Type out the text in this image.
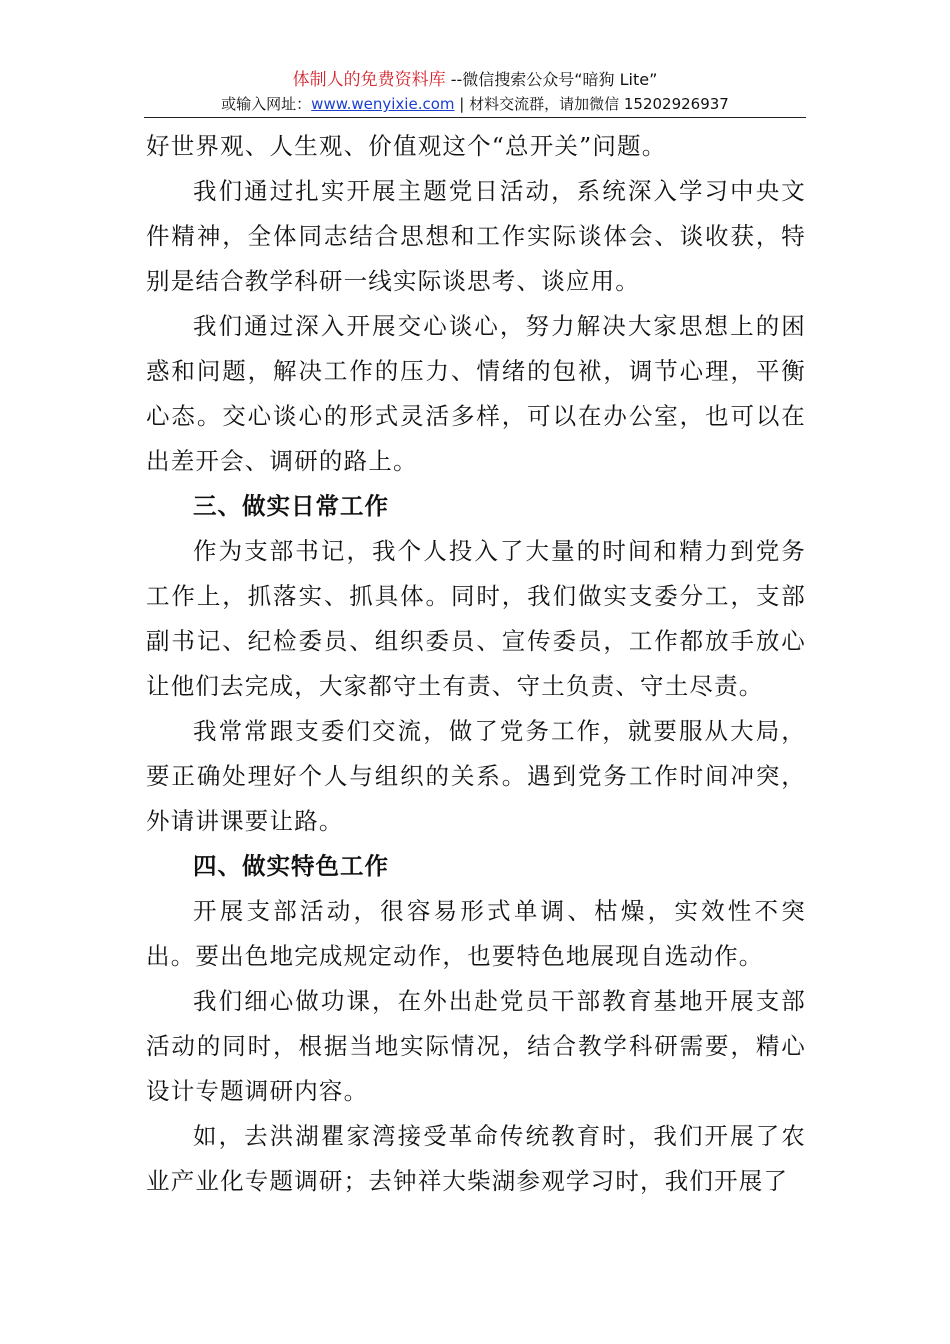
体制人的免费资料库 --微信搜索公众号“暗狗 Lite”
或输入网址：www.wenyixie.com | 材料交流群，请加微信 15202926937

好世界观、人生观、价值观这个“总开关”问题。

我们通过扎实开展主题党日活动，系统深入学习中央文件精神，全体同志结合思想和工作实际谈体会、谈收获，特别是结合教学科研一线实际谈思考、谈应用。

我们通过深入开展交心谈心，努力解决大家思想上的困惑和问题，解决工作的压力、情绪的包袱，调节心理，平衡心态。交心谈心的形式灵活多样，可以在办公室，也可以在出差开会、调研的路上。

三、做实日常工作

作为支部书记，我个人投入了大量的时间和精力到党务工作上，抓落实、抓具体。同时，我们做实支委分工，支部副书记、纪检委员、组织委员、宣传委员，工作都放手放心让他们去完成，大家都守土有责、守土负责、守土尽责。

我常常跟支委们交流，做了党务工作，就要服从大局，要正确处理好个人与组织的关系。遇到党务工作时间冲突，外请讲课要让路。

四、做实特色工作

开展支部活动，很容易形式单调、枯燥，实效性不突出。要出色地完成规定动作，也要特色地展现自选动作。

我们细心做功课，在外出赴党员干部教育基地开展支部活动的同时，根据当地实际情况，结合教学科研需要，精心设计专题调研内容。

如，去洪湖瞿家湾接受革命传统教育时，我们开展了农业产业化专题调研；去钟祥大柴湖参观学习时，我们开展了
